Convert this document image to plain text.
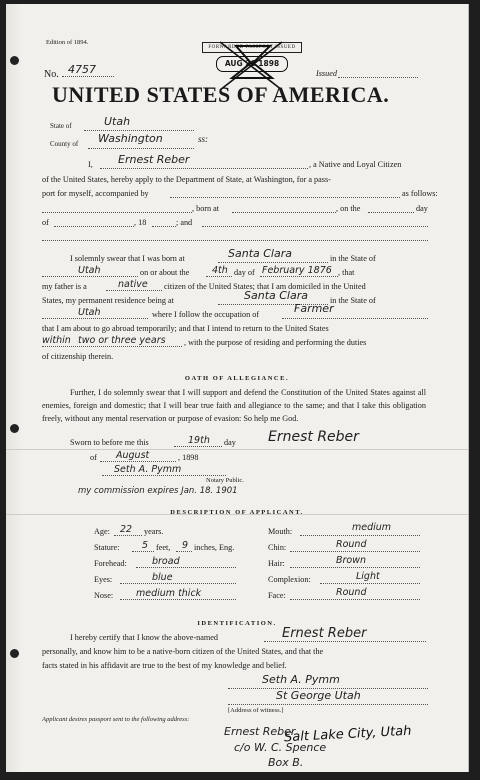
Edition of 1894.
No. 4757
FORWARDED PASSPORT ISSUED
AUG 26 1898
Issued
UNITED STATES OF AMERICA.
State of	Utah
County of Washington	ss:
I, Ernest Reber	, a Native and Loyal Citizen
of the United States, hereby apply to the Department of State, at Washington, for a pass-
port for myself, accompanied by	as follows:
, born at	, on the	day
of	, 18	; and
I solemnly swear that I was born at	Santa Clara	in the State of
Utah	on or about the 4th day of February 1876 , that
my father is a	native citizen of the United States; that I am domiciled in the United
States, my permanent residence being at	Santa Clara	in the State of
Utah	where I follow the occupation of	Farmer
that I am about to go abroad temporarily; and that I intend to return to the United States
within two or three years , with the purpose of residing and performing the duties
of citizenship therein.
OATH OF ALLEGIANCE.
Further, I do solemnly swear that I will support and defend the Constitution of the United States against all enemies, foreign and domestic; that I will bear true faith and allegiance to the same; and that I take this obligation freely, without any mental reservation or purpose of evasion: So help me God.
Sworn to before me this	19th day Ernest Reber
of August	, 1898
Seth A. Pymm
Notary Public.
my commission expires Jan. 18. 1901
DESCRIPTION OF APPLICANT.
Age: 22 years.
Stature: 5 feet, 9 inches, Eng.
Forehead:	broad
Eyes:	blue
Nose: medium thick
Mouth:	medium
Chin:	Round
Hair:	Brown
Complexion:	Light
Face:	Round
IDENTIFICATION.
I hereby certify that I know the above-named	Ernest Reber
personally, and know him to be a native-born citizen of the United States, and that the
facts stated in his affidavit are true to the best of my knowledge and belief.
Seth A. Pymm
St George Utah
[Address of witness.]
Applicant desires passport sent to the following address:
Ernest Reber
c/o W. C. Spence
Box B.
Salt Lake City, Utah
